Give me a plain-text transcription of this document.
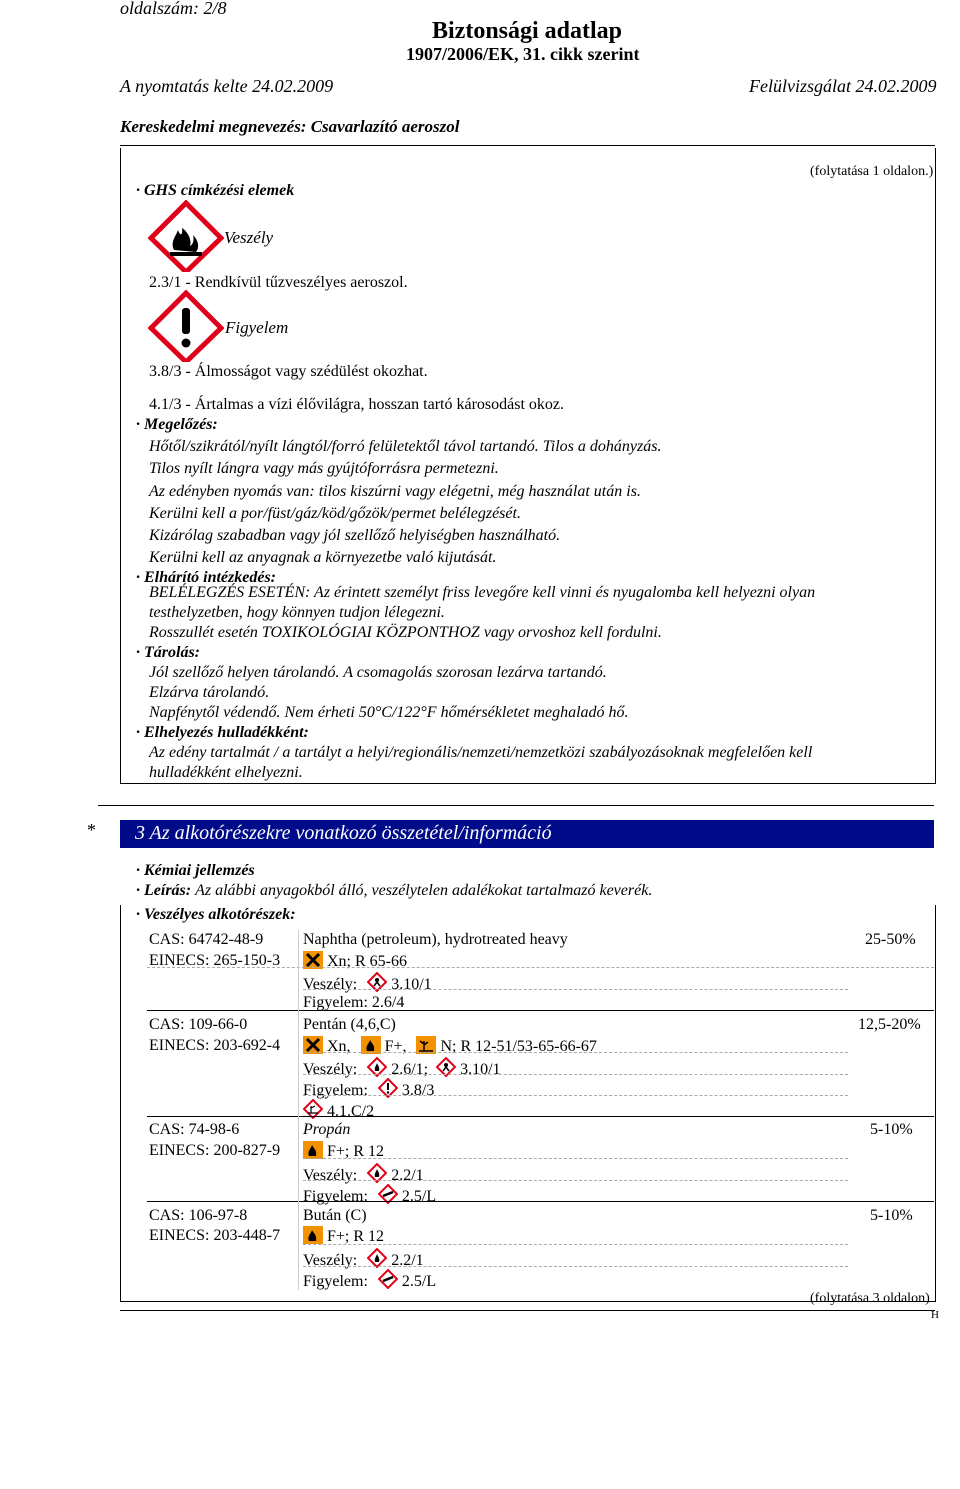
oldalszám: 2/8
Biztonsági adatlap
1907/2006/EK, 31. cikk szerint
A nyomtatás kelte 24.02.2009	Felülvizsgálat 24.02.2009
Kereskedelmi megnevezés: Csavarlazító aeroszol
(folytatása 1 oldalon.)
· GHS címkézési elemek
Veszély
2.3/1 - Rendkívül tűzveszélyes aeroszol.
Figyelem
3.8/3 - Álmosságot vagy szédülést okozhat.
4.1/3 - Ártalmas a vízi élővilágra, hosszan tartó károsodást okoz.
· Megelőzés:
Hőtől/szikrától/nyílt lángtól/forró felületektől távol tartandó. Tilos a dohányzás.
Tilos nyílt lángra vagy más gyújtóforrásra permetezni.
Az edényben nyomás van: tilos kiszúrni vagy elégetni, még használat után is.
Kerülni kell a por/füst/gáz/köd/gőzök/permet belélegzését.
Kizárólag szabadban vagy jól szellőző helyiségben használható.
Kerülni kell az anyagnak a környezetbe való kijutását.
· Elhárító intézkedés:
BELÉLEGZÉS ESETÉN: Az érintett személyt friss levegőre kell vinni és nyugalomba kell helyezni olyan
testhelyzetben, hogy könnyen tudjon lélegezni.
Rosszullét esetén TOXIKOLÓGIAI KÖZPONTHOZ vagy orvoshoz kell fordulni.
· Tárolás:
Jól szellőző helyen tárolandó. A csomagolás szorosan lezárva tartandó.
Elzárva tárolandó.
Napfénytől védendő. Nem érheti 50°C/122°F hőmérsékletet meghaladó hő.
· Elhelyezés hulladékként:
Az edény tartalmát / a tartályt a helyi/regionális/nemzeti/nemzetközi szabályozásoknak megfelelően kell
hulladékként elhelyezni.
* 3 Az alkotórészekre vonatkozó összetétel/információ
· Kémiai jellemzés
· Leírás: Az alábbi anyagokból álló, veszélytelen adalékokat tartalmazó keverék.
· Veszélyes alkotórészek:
CAS: 64742-48-9
EINECS: 265-150-3
Naphtha (petroleum), hydrotreated heavy	25-50%
Xn; R 65-66
Veszély: 3.10/1
Figyelem: 2.6/4
CAS: 109-66-0
EINECS: 203-692-4
Pentán (4,6,C)	12,5-20%
Xn, F+, N; R 12-51/53-65-66-67
Veszély: 2.6/1; 3.10/1
Figyelem: 3.8/3
4.1.C/2
CAS: 74-98-6
EINECS: 200-827-9
Propán	5-10%
F+; R 12
Veszély: 2.2/1
Figyelem: 2.5/L
CAS: 106-97-8
EINECS: 203-448-7
Bután (C)	5-10%
F+; R 12
Veszély: 2.2/1
Figyelem: 2.5/L
(folytatása 3 oldalon)
H
